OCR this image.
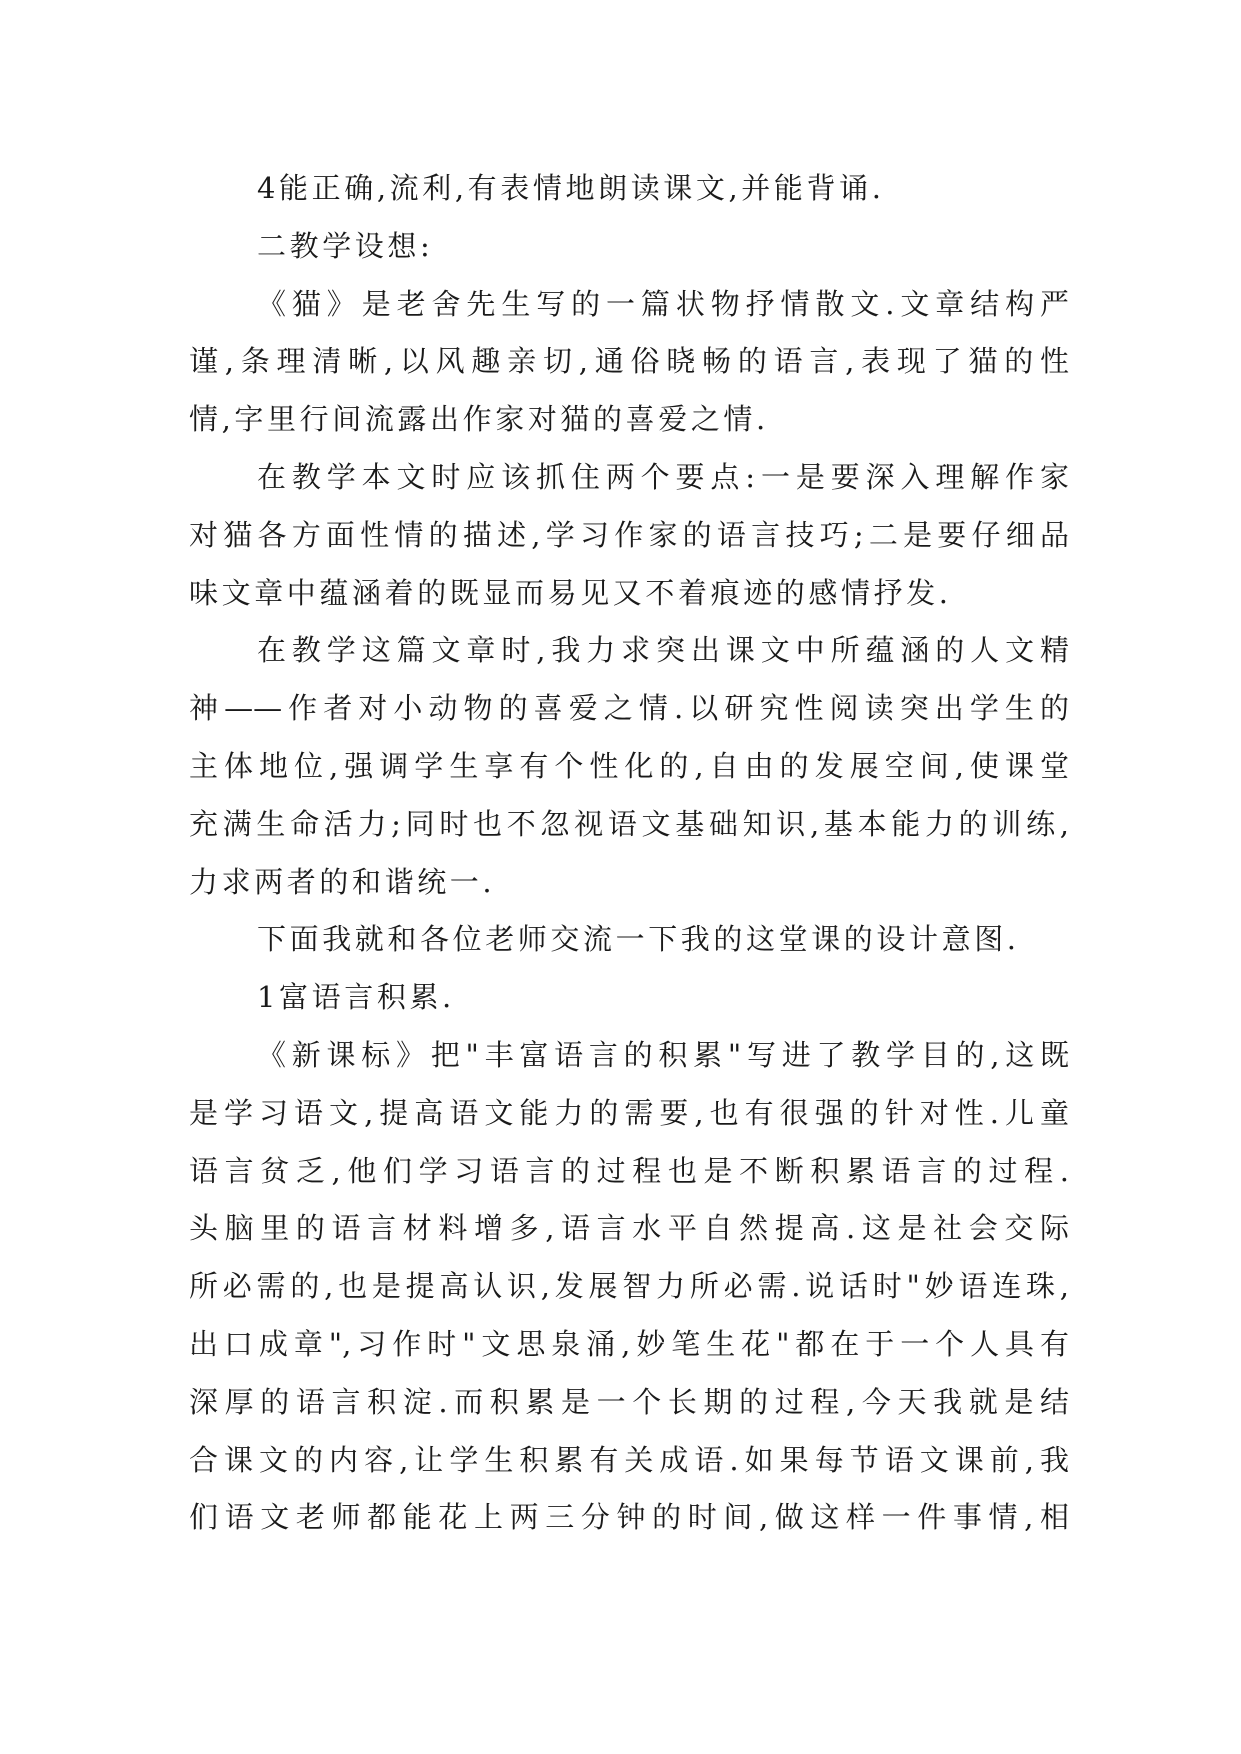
4能正确,流利,有表情地朗读课文,并能背诵.
二教学设想:
《猫》是老舍先生写的一篇状物抒情散文.文章结构严
谨,条理清晰,以风趣亲切,通俗晓畅的语言,表现了猫的性
情,字里行间流露出作家对猫的喜爱之情.
在教学本文时应该抓住两个要点:一是要深入理解作家
对猫各方面性情的描述,学习作家的语言技巧;二是要仔细品
味文章中蕴涵着的既显而易见又不着痕迹的感情抒发.
在教学这篇文章时,我力求突出课文中所蕴涵的人文精
神——作者对小动物的喜爱之情.以研究性阅读突出学生的
主体地位,强调学生享有个性化的,自由的发展空间,使课堂
充满生命活力;同时也不忽视语文基础知识,基本能力的训练,
力求两者的和谐统一.
下面我就和各位老师交流一下我的这堂课的设计意图.
1富语言积累.
《新课标》把"丰富语言的积累"写进了教学目的,这既
是学习语文,提高语文能力的需要,也有很强的针对性.儿童
语言贫乏,他们学习语言的过程也是不断积累语言的过程.
头脑里的语言材料增多,语言水平自然提高.这是社会交际
所必需的,也是提高认识,发展智力所必需.说话时"妙语连珠,
出口成章",习作时"文思泉涌,妙笔生花"都在于一个人具有
深厚的语言积淀.而积累是一个长期的过程,今天我就是结
合课文的内容,让学生积累有关成语.如果每节语文课前,我
们语文老师都能花上两三分钟的时间,做这样一件事情,相
